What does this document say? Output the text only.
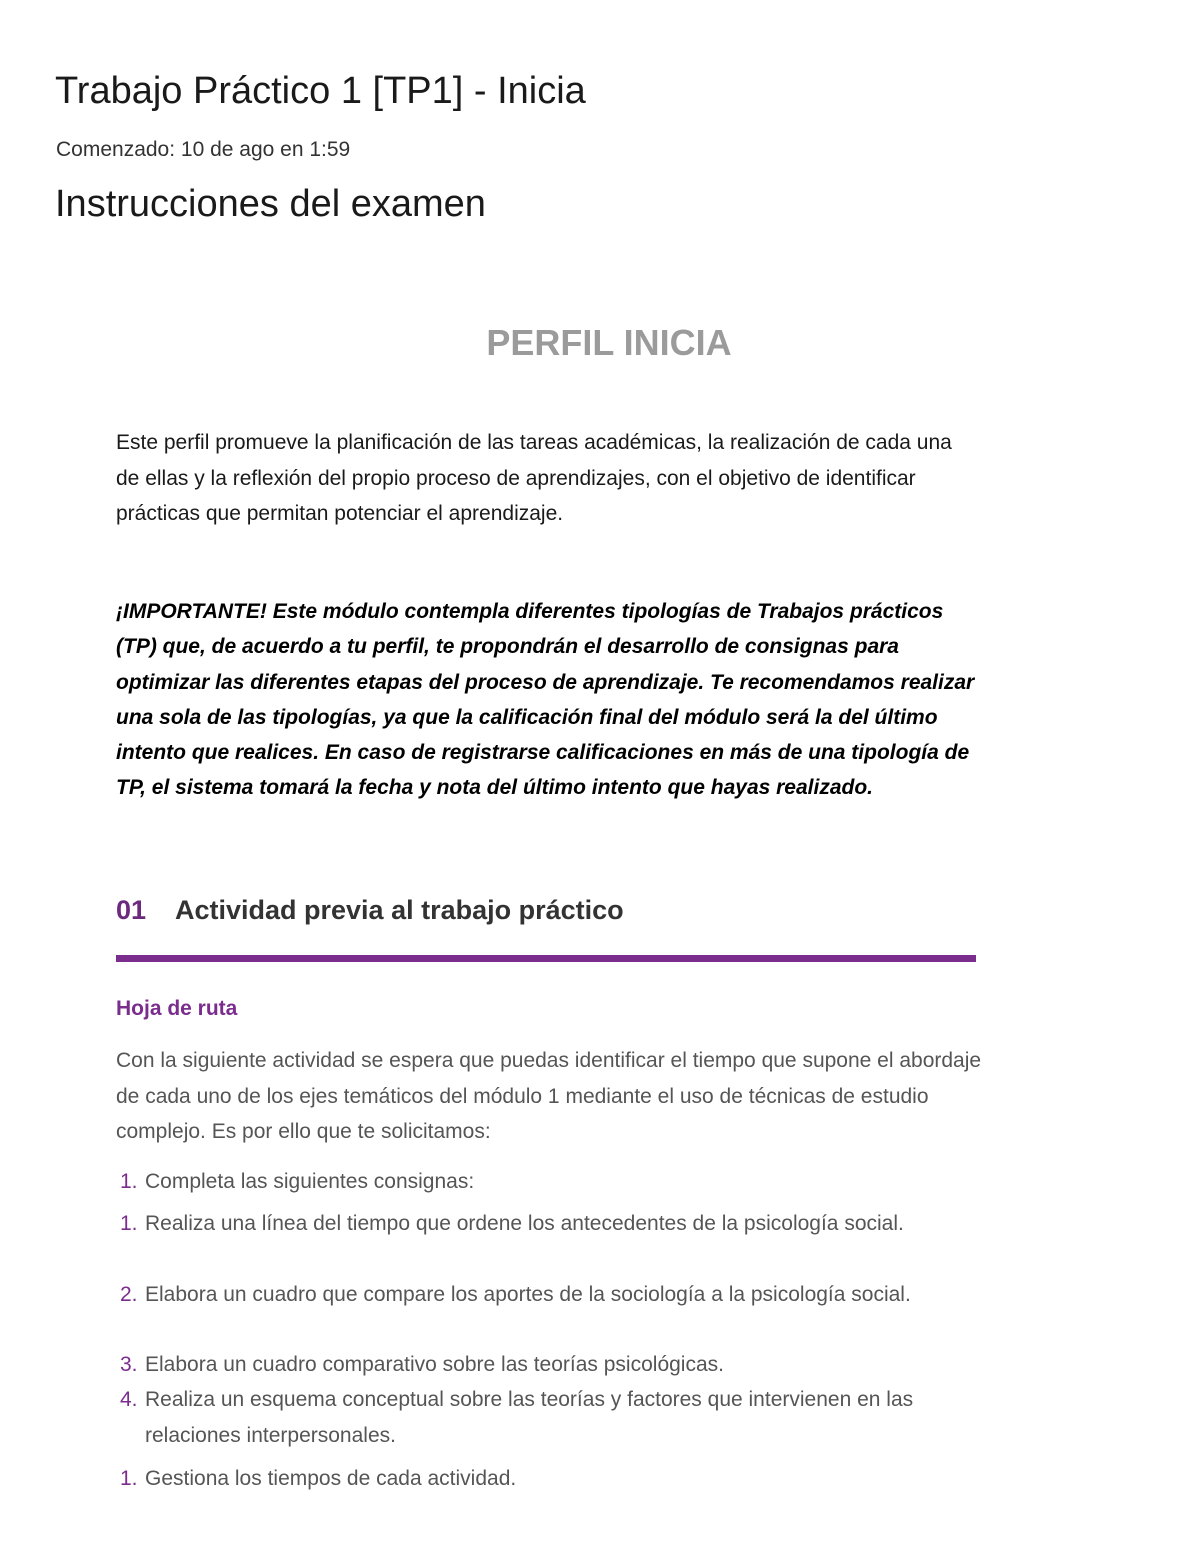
Trabajo Práctico 1 [TP1] - Inicia
Comenzado: 10 de ago en 1:59
Instrucciones del examen
PERFIL INICIA

Este perfil promueve la planificación de las tareas académicas, la realización de cada una de ellas y la reflexión del propio proceso de aprendizajes, con el objetivo de identificar prácticas que permitan potenciar el aprendizaje.

¡IMPORTANTE! Este módulo contempla diferentes tipologías de Trabajos prácticos (TP) que, de acuerdo a tu perfil, te propondrán el desarrollo de consignas para optimizar las diferentes etapas del proceso de aprendizaje. Te recomendamos realizar una sola de las tipologías, ya que la calificación final del módulo será la del último intento que realices. En caso de registrarse calificaciones en más de una tipología de TP, el sistema tomará la fecha y nota del último intento que hayas realizado.

01 Actividad previa al trabajo práctico
Hoja de ruta

Con la siguiente actividad se espera que puedas identificar el tiempo que supone el abordaje de cada uno de los ejes temáticos del módulo 1 mediante el uso de técnicas de estudio complejo. Es por ello que te solicitamos:

1. Completa las siguientes consignas:
1. Realiza una línea del tiempo que ordene los antecedentes de la psicología social.
2. Elabora un cuadro que compare los aportes de la sociología a la psicología social.
3. Elabora un cuadro comparativo sobre las teorías psicológicas.
4. Realiza un esquema conceptual sobre las teorías y factores que intervienen en las relaciones interpersonales.
1. Gestiona los tiempos de cada actividad.
